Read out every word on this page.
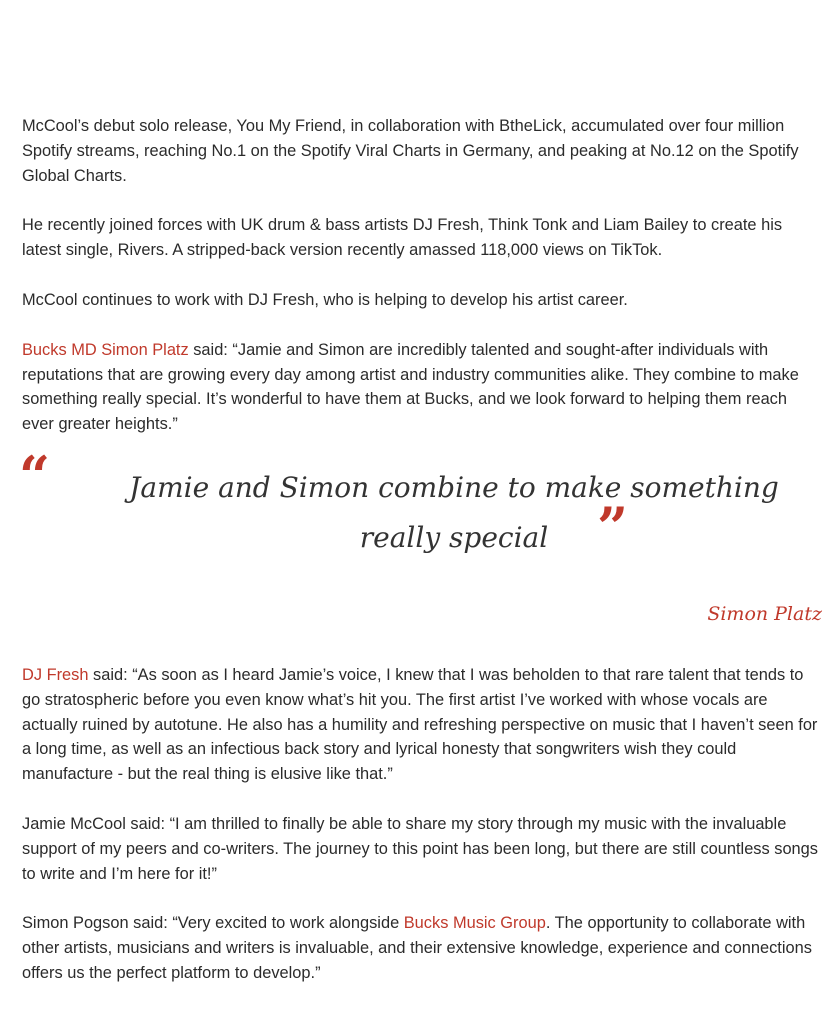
McCool’s debut solo release, You My Friend, in collaboration with BtheLick, accumulated over four million Spotify streams, reaching No.1 on the Spotify Viral Charts in Germany, and peaking at No.12 on the Spotify Global Charts.

He recently joined forces with UK drum & bass artists DJ Fresh, Think Tonk and Liam Bailey to create his latest single, Rivers. A stripped-back version recently amassed 118,000 views on TikTok.

McCool continues to work with DJ Fresh, who is helping to develop his artist career.

Bucks MD Simon Platz said: “Jamie and Simon are incredibly talented and sought-after individuals with reputations that are growing every day among artist and industry communities alike. They combine to make something really special. It’s wonderful to have them at Bucks, and we look forward to helping them reach ever greater heights.”

“	Jamie and Simon combine to make something really special ”
Simon Platz

DJ Fresh said: “As soon as I heard Jamie’s voice, I knew that I was beholden to that rare talent that tends to go stratospheric before you even know what’s hit you. The first artist I’ve worked with whose vocals are actually ruined by autotune. He also has a humility and refreshing perspective on music that I haven’t seen for a long time, as well as an infectious back story and lyrical honesty that songwriters wish they could manufacture - but the real thing is elusive like that.”

Jamie McCool said: “I am thrilled to finally be able to share my story through my music with the invaluable support of my peers and co-writers. The journey to this point has been long, but there are still countless songs to write and I’m here for it!”

Simon Pogson said: “Very excited to work alongside Bucks Music Group. The opportunity to collaborate with other artists, musicians and writers is invaluable, and their extensive knowledge, experience and connections offers us the perfect platform to develop.”
